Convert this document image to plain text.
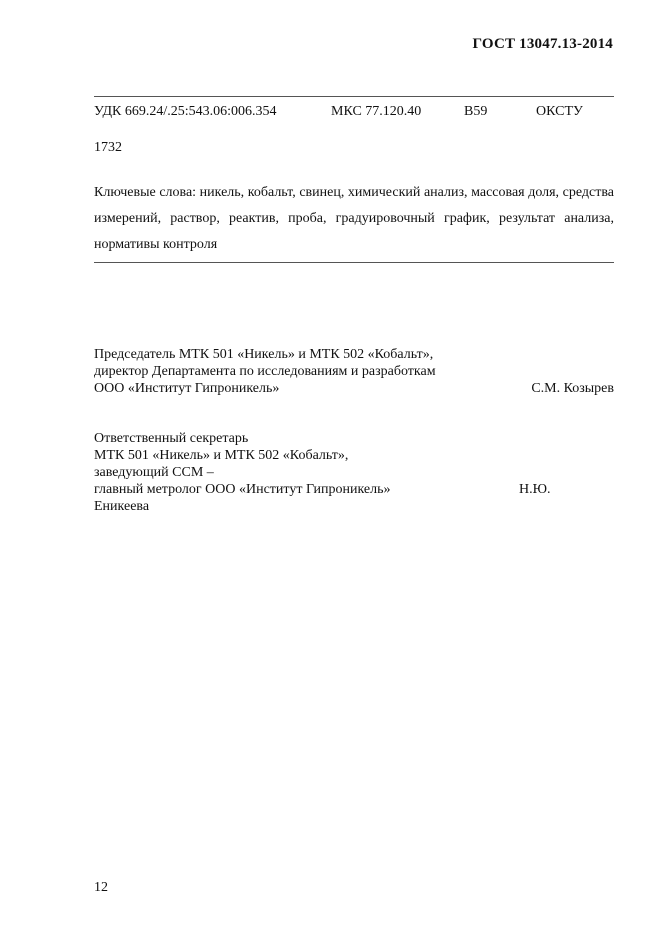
ГОСТ 13047.13-2014
УДК 669.24/.25:543.06:006.354	МКС 77.120.40	В59	ОКСТУ
1732
Ключевые слова: никель, кобальт, свинец, химический анализ, массовая доля, средства измерений, раствор, реактив, проба, градуировочный график, результат анализа, нормативы контроля
Председатель МТК 501 «Никель» и МТК 502 «Кобальт»,
директор Департамента по исследованиям и разработкам
ООО «Институт Гипроникель»	С.М. Козырев
Ответственный секретарь
МТК 501 «Никель» и МТК 502 «Кобальт»,
заведующий ССМ –
главный метролог ООО «Институт Гипроникель»	Н.Ю.
Еникеева
12
